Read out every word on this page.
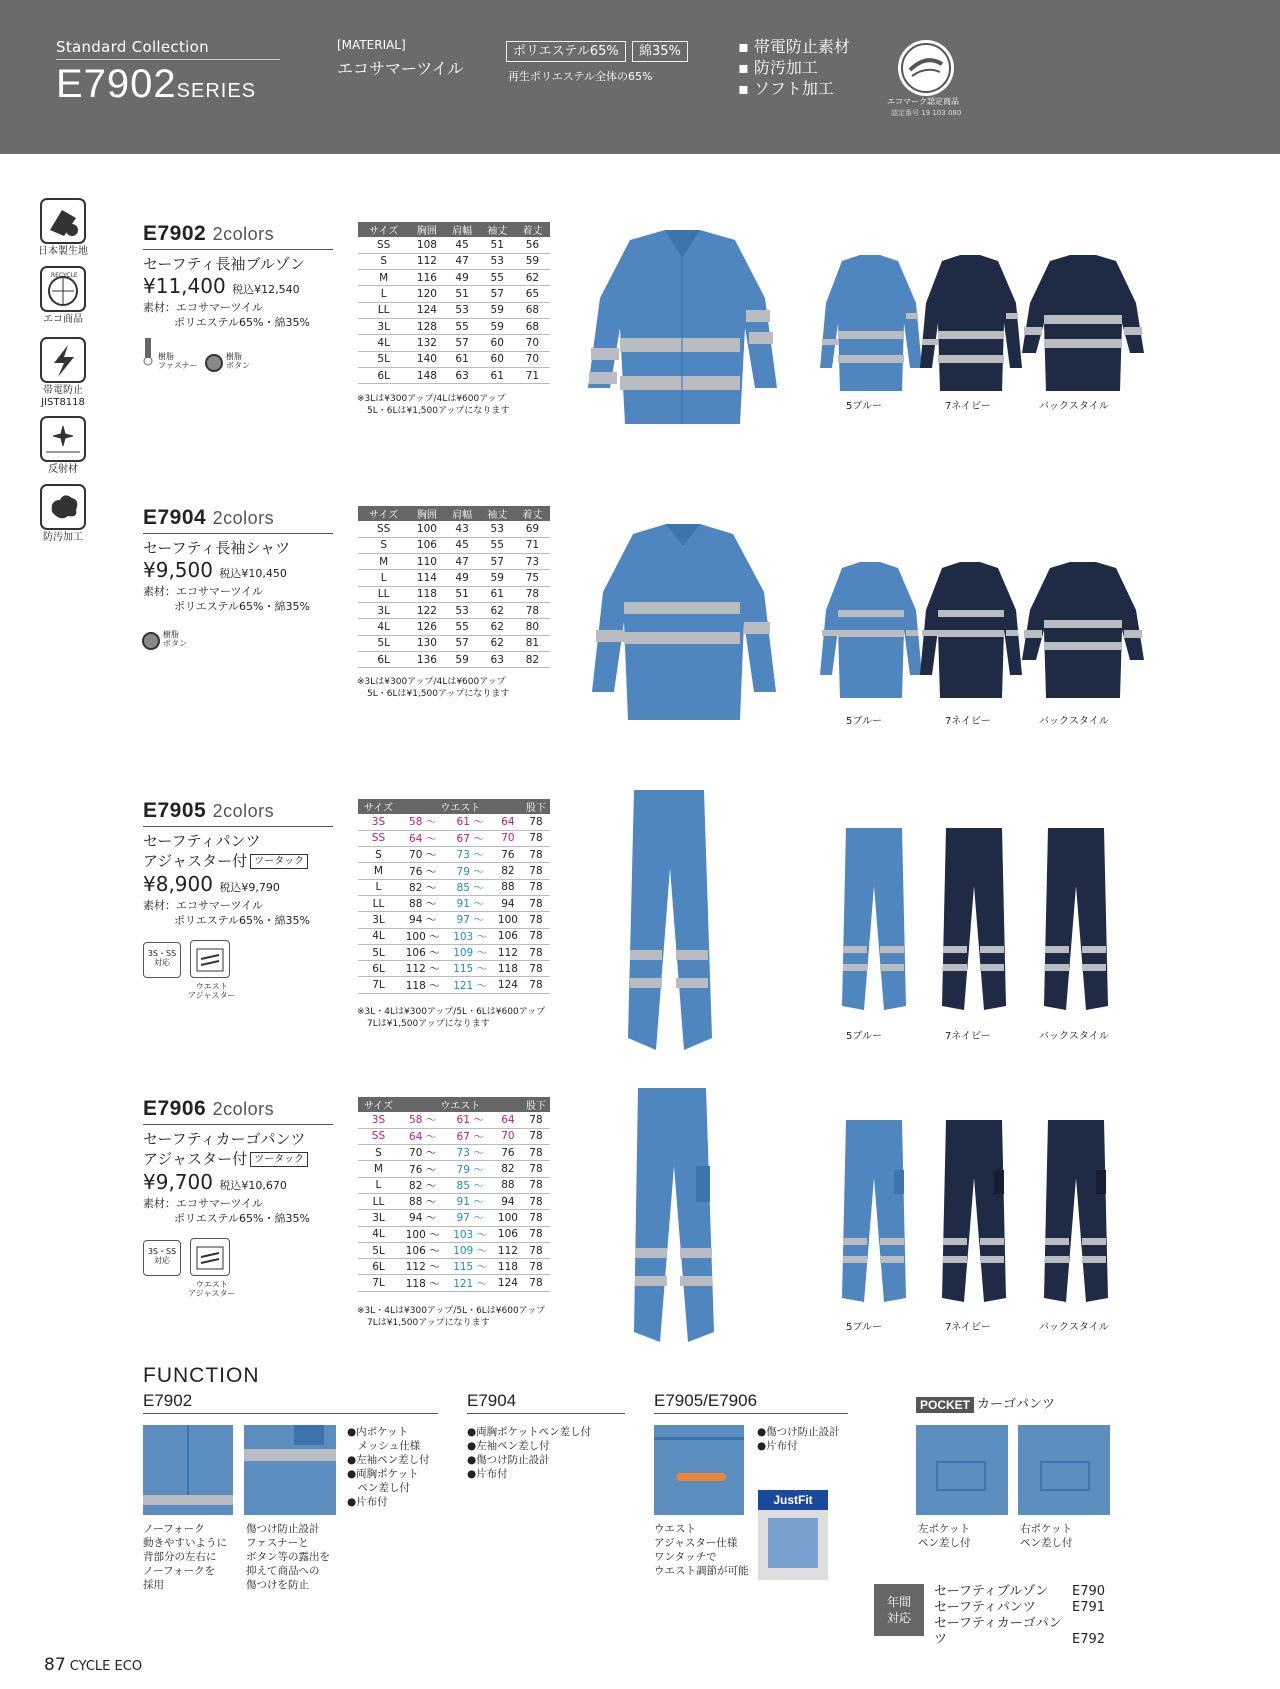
Standard Collection
E7902SERIES
[MATERIAL]
エコサマーツイル
ポリエステル65%	綿35%
再生ポリエステル全体の65%
▪ 帯電防止素材
▪ 防汚加工
▪ ソフト加工
エコマーク認定商品
認定番号 19 103 080
日本製生地
RECYCLE
エコ商品
帯電防止
JIST8118
反射材
防汚加工
E7902 2colors
セーフティ長袖ブルゾン
¥11,400 税込¥12,540
素材：エコサマーツイル
ポリエステル65%・綿35%
樹脂
ファスナー
樹脂
ボタン
サイズ	胸囲	肩幅	袖丈	着丈
SS	108	45	51	56
S	112	47	53	59
M	116	49	55	62
L	120	51	57	65
LL	124	53	59	68
3L	128	55	59	68
4L	132	57	60	70
5L	140	61	60	70
6L	148	63	61	71
※3Lは¥300アップ/4Lは¥600アップ
5L・6Lは¥1,500アップになります	5ブルー	7ネイビー	バックスタイル
E7904 2colors
セーフティ長袖シャツ
¥9,500 税込¥10,450
素材：エコサマーツイル
ポリエステル65%・綿35%
樹脂
ボタン
サイズ	胸囲	肩幅	袖丈	着丈
SS	100	43	53	69
S	106	45	55	71
M	110	47	57	73
L	114	49	59	75
LL	118	51	61	78
3L	122	53	62	78
4L	126	55	62	80
5L	130	57	62	81
6L	136	59	63	82
※3Lは¥300アップ/4Lは¥600アップ
5L・6Lは¥1,500アップになります
5ブルー	7ネイビー	バックスタイル
E7905 2colors
セーフティパンツ
アジャスター付 ツータック
¥8,900 税込¥9,790
素材：エコサマーツイル
ポリエステル65%・綿35%
3S・SS
対応
ウエスト
アジャスター
サイズ	ウエスト			股下
3S	58 ～	61 ～	64	78
SS	64 ～	67 ～	70	78
S	70 ～	73 ～	76	78
M	76 ～	79 ～	82	78
L	82 ～	85 ～	88	78
LL	88 ～	91 ～	94	78
3L	94 ～	97 ～	100	78
4L	100 ～	103 ～	106	78
5L	106 ～	109 ～	112	78
6L	112 ～	115 ～	118	78
7L	118 ～	121 ～	124	78
※3L・4Lは¥300アップ/5L・6Lは¥600アップ
7Lは¥1,500アップになります
5ブルー	7ネイビー	バックスタイル
E7906 2colors
セーフティカーゴパンツ
アジャスター付 ツータック
¥9,700 税込¥10,670
素材：エコサマーツイル
ポリエステル65%・綿35%
3S・SS
対応
ウエスト
アジャスター
サイズ	ウエスト			股下
3S	58 ～	61 ～	64	78
SS	64 ～	67 ～	70	78
S	70 ～	73 ～	76	78
M	76 ～	79 ～	82	78
L	82 ～	85 ～	88	78
LL	88 ～	91 ～	94	78
3L	94 ～	97 ～	100	78
4L	100 ～	103 ～	106	78
5L	106 ～	109 ～	112	78
6L	112 ～	115 ～	118	78
7L	118 ～	121 ～	124	78
※3L・4Lは¥300アップ/5L・6Lは¥600アップ
7Lは¥1,500アップになります	5ブルー	7ネイビー	バックスタイル
FUNCTION
E7902
ノーフォーク
動きやすいように
背部分の左右に
ノーフォークを
採用
傷つけ防止設計
ファスナーと
ボタン等の露出を
抑えて商品への
傷つけを防止
●内ポケット
　メッシュ仕様
●左袖ペン差し付
●両胸ポケット
　ペン差し付
●片布付
E7904
●両胸ポケットペン差し付
●左袖ペン差し付
●傷つけ防止設計
●片布付
E7905/E7906
●傷つけ防止設計
●片布付
JustFit
ウエスト
アジャスター仕様
ワンタッチで
ウエスト調節が可能
POCKET カーゴパンツ
左ポケット
ペン差し付
右ポケット
ペン差し付
年間
対応
セーフティブルゾン E790
セーフティパンツ	E791
セーフティカーゴパンツ	E792
87 CYCLE ECO
